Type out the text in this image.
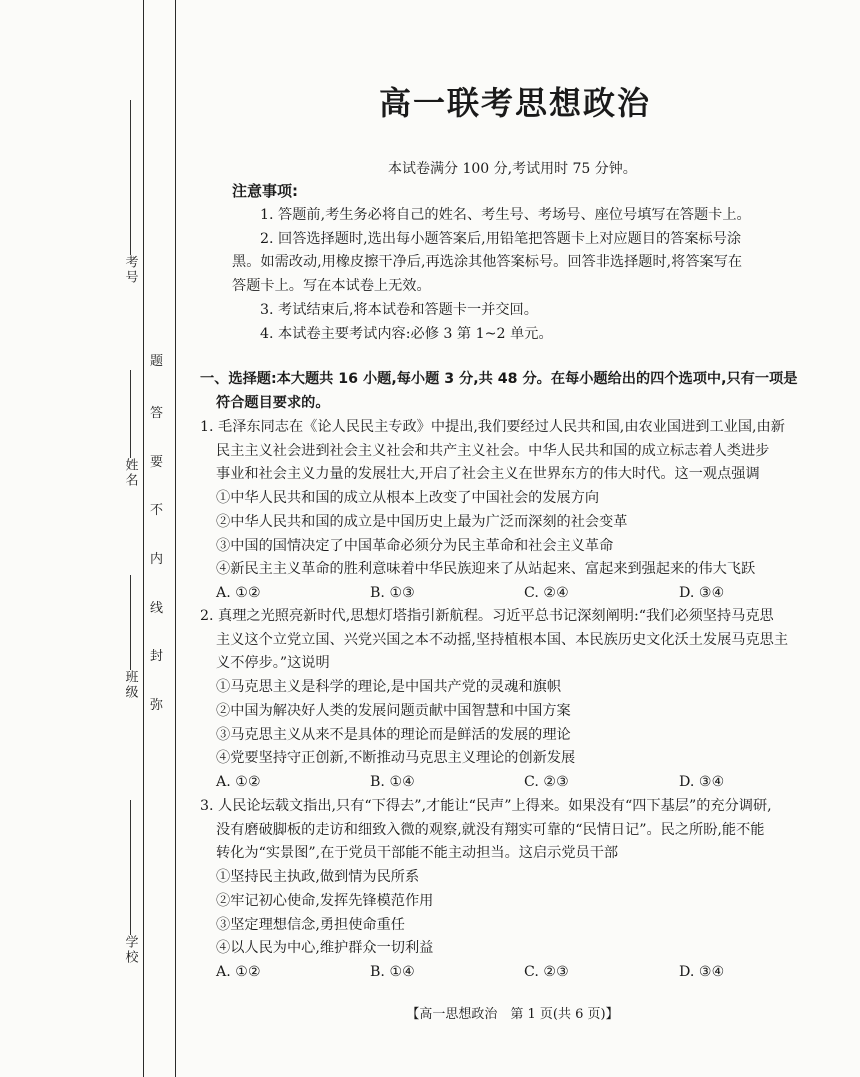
考号
姓名
班级
学校
题
答
要
不
内
线
封
弥
高一联考思想政治
本试卷满分 100 分,考试用时 75 分钟。
注意事项:
1. 答题前,考生务必将自己的姓名、考生号、考场号、座位号填写在答题卡上。
2. 回答选择题时,选出每小题答案后,用铅笔把答题卡上对应题目的答案标号涂
黑。如需改动,用橡皮擦干净后,再选涂其他答案标号。回答非选择题时,将答案写在
答题卡上。写在本试卷上无效。
3. 考试结束后,将本试卷和答题卡一并交回。
4. 本试卷主要考试内容:必修 3 第 1~2 单元。
一、选择题:本大题共 16 小题,每小题 3 分,共 48 分。在每小题给出的四个选项中,只有一项是
符合题目要求的。
1. 毛泽东同志在《论人民民主专政》中提出,我们要经过人民共和国,由农业国进到工业国,由新
民主主义社会进到社会主义社会和共产主义社会。中华人民共和国的成立标志着人类进步
事业和社会主义力量的发展壮大,开启了社会主义在世界东方的伟大时代。这一观点强调
①中华人民共和国的成立从根本上改变了中国社会的发展方向
②中华人民共和国的成立是中国历史上最为广泛而深刻的社会变革
③中国的国情决定了中国革命必须分为民主革命和社会主义革命
④新民主主义革命的胜利意味着中华民族迎来了从站起来、富起来到强起来的伟大飞跃
A. ①②	B. ①③	C. ②④	D. ③④
2. 真理之光照亮新时代,思想灯塔指引新航程。习近平总书记深刻阐明:“我们必须坚持马克思
主义这个立党立国、兴党兴国之本不动摇,坚持植根本国、本民族历史文化沃土发展马克思主
义不停步。”这说明
①马克思主义是科学的理论,是中国共产党的灵魂和旗帜
②中国为解决好人类的发展问题贡献中国智慧和中国方案
③马克思主义从来不是具体的理论而是鲜活的发展的理论
④党要坚持守正创新,不断推动马克思主义理论的创新发展
A. ①②	B. ①④	C. ②③	D. ③④
3. 人民论坛载文指出,只有“下得去”,才能让“民声”上得来。如果没有“四下基层”的充分调研,
没有磨破脚板的走访和细致入微的观察,就没有翔实可靠的“民情日记”。民之所盼,能不能
转化为“实景图”,在于党员干部能不能主动担当。这启示党员干部
①坚持民主执政,做到情为民所系
②牢记初心使命,发挥先锋模范作用
③坚定理想信念,勇担使命重任
④以人民为中心,维护群众一切利益
A. ①②	B. ①④	C. ②③	D. ③④
【高一思想政治　第 1 页(共 6 页)】
